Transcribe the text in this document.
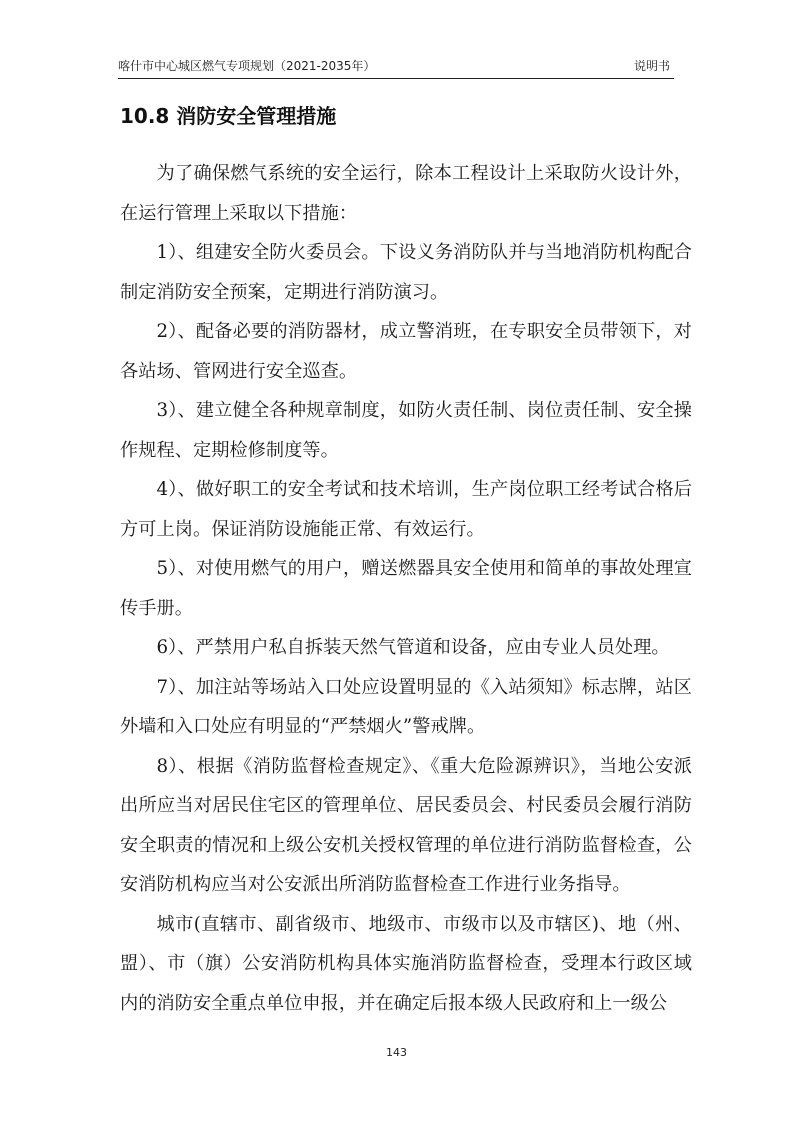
喀什市中心城区燃气专项规划（2021-2035年）	说明书
10.8 消防安全管理措施

为了确保燃气系统的安全运行，除本工程设计上采取防火设计外，在运行管理上采取以下措施：

1）、组建安全防火委员会。下设义务消防队并与当地消防机构配合制定消防安全预案，定期进行消防演习。

2）、配备必要的消防器材，成立警消班，在专职安全员带领下，对各站场、管网进行安全巡查。

3）、建立健全各种规章制度，如防火责任制、岗位责任制、安全操作规程、定期检修制度等。

4）、做好职工的安全考试和技术培训，生产岗位职工经考试合格后方可上岗。保证消防设施能正常、有效运行。

5）、对使用燃气的用户，赠送燃器具安全使用和简单的事故处理宣传手册。

6）、严禁用户私自拆装天然气管道和设备，应由专业人员处理。

7）、加注站等场站入口处应设置明显的《入站须知》标志牌，站区外墙和入口处应有明显的“严禁烟火”警戒牌。

8）、根据《消防监督检查规定》、《重大危险源辨识》，当地公安派出所应当对居民住宅区的管理单位、居民委员会、村民委员会履行消防安全职责的情况和上级公安机关授权管理的单位进行消防监督检查，公安消防机构应当对公安派出所消防监督检查工作进行业务指导。

城市(直辖市、副省级市、地级市、市级市以及市辖区)、地（州、盟）、市（旗）公安消防机构具体实施消防监督检查，受理本行政区域内的消防安全重点单位申报，并在确定后报本级人民政府和上一级公

143
